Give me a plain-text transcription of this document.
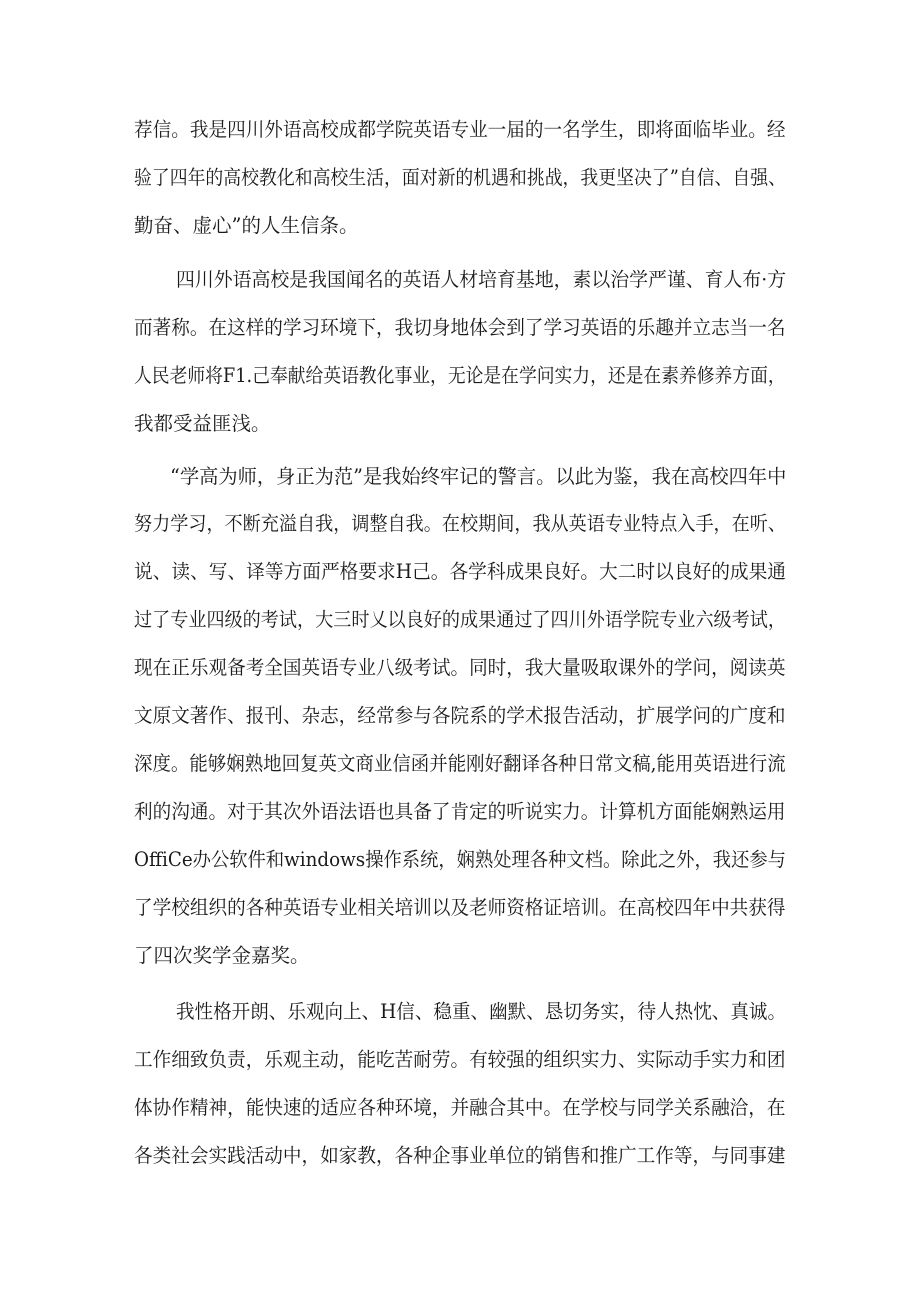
荐信。我是四川外语高校成都学院英语专业一届的一名学生，即将面临毕业。经
验了四年的高校教化和高校生活，面对新的机遇和挑战，我更坚决了”自信、自强、
勤奋、虚心”的人生信条。
四川外语高校是我国闻名的英语人材培育基地，素以治学严谨、育人布·方
而著称。在这样的学习环境下，我切身地体会到了学习英语的乐趣并立志当一名
人民老师将F1.己奉献给英语教化事业，无论是在学问实力，还是在素养修养方面，
我都受益匪浅。
“学高为师，身正为范”是我始终牢记的警言。以此为鉴，我在高校四年中
努力学习，不断充溢自我，调整自我。在校期间，我从英语专业特点入手，在听、
说、读、写、译等方面严格要求H己。各学科成果良好。大二时以良好的成果通
过了专业四级的考试，大三时乂以良好的成果通过了四川外语学院专业六级考试，
现在正乐观备考全国英语专业八级考试。同时，我大量吸取课外的学问，阅读英
文原文著作、报刊、杂志，经常参与各院系的学术报告活动，扩展学问的广度和
深度。能够娴熟地回复英文商业信函并能刚好翻译各种日常文稿,能用英语进行流
利的沟通。对于其次外语法语也具备了肯定的听说实力。计算机方面能娴熟运用
OffiCe办公软件和windows操作系统，娴熟处理各种文档。除此之外，我还参与
了学校组织的各种英语专业相关培训以及老师资格证培训。在高校四年中共获得
了四次奖学金嘉奖。
我性格开朗、乐观向上、H信、稳重、幽默、恳切务实，待人热忱、真诚。
工作细致负责，乐观主动，能吃苦耐劳。有较强的组织实力、实际动手实力和团
体协作精神，能快速的适应各种环境，并融合其中。在学校与同学关系融洽，在
各类社会实践活动中，如家教，各种企事业单位的销售和推广工作等，与同事建
